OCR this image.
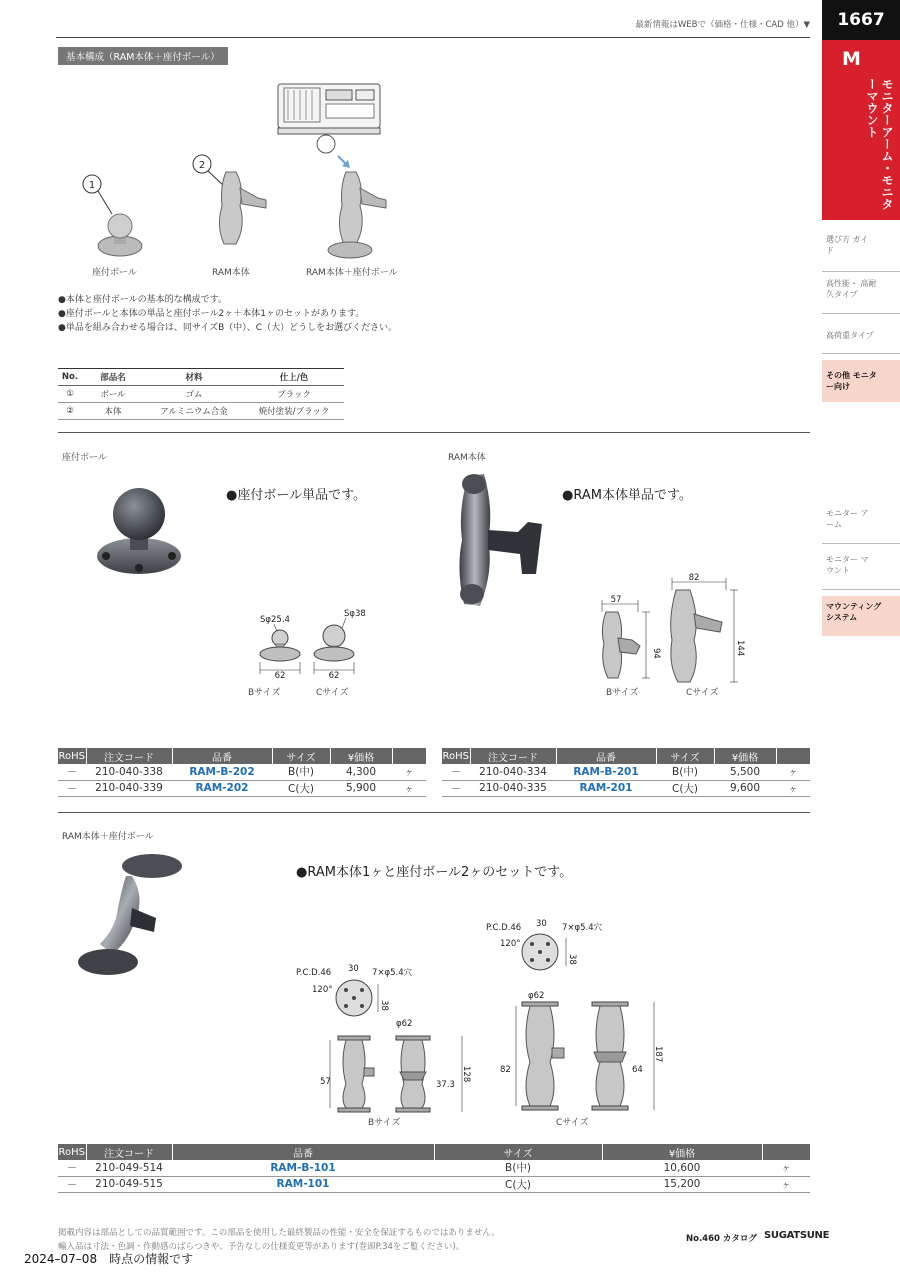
最新情報はWEBで（価格・仕様・CAD 他）▼	1667
M
モニターアーム・モニターマウント
選び方 ガイド
高性能・ 高耐久タイプ
高荷重タイプ
その他 モニター向け
モニター アーム
モニター マウント
マウンティング システム
基本構成（RAM本体＋座付ボール）
1
2
座付ボール	RAM本体	RAM本体＋座付ボール
●本体と座付ボールの基本的な構成です。
●座付ボールと本体の単品と座付ボール2ヶ＋本体1ヶのセットがあります。
●単品を組み合わせる場合は、同サイズB（中）、C（大）どうしをお選びください。
No.	部品名	材料	仕上/色
①	ボール	ゴム	ブラック
②	本体	アルミニウム合金	焼付塗装/ブラック
座付ボール
●座付ボール単品です。
Sφ25.4
62
Sφ38
62
Bサイズ	Cサイズ
RAM本体
●RAM本体単品です。
57
94
82
144
Bサイズ	Cサイズ
RoHS	注文コード	品番	サイズ	¥価格	
－	210-040-338	RAM-B-202	B(中)	4,300	ヶ
－	210-040-339	RAM-202	C(大)	5,900	ヶ
RoHS	注文コード	品番	サイズ	¥価格	
－	210-040-334	RAM-B-201	B(中)	5,500	ヶ
－	210-040-335	RAM-201	C(大)	9,600	ヶ
RAM本体＋座付ボール
●RAM本体1ヶと座付ボール2ヶのセットです。
P.C.D.46 30 7×φ5.4穴
120°
38
57
φ62
37.3
128
P.C.D.46 30 7×φ5.4穴
120°
38
φ62
82	64
187
Bサイズ	Cサイズ
RoHS	注文コード	品番	サイズ	¥価格	
－	210-049-514	RAM-B-101	B(中)	10,600	ヶ
－	210-049-515	RAM-101	C(大)	15,200	ヶ
掲載内容は部品としての品質範囲です。この部品を使用した最終製品の性能・安全を保証するものではありません。
輸入品は寸法・色調・作動感のばらつきや、予告なしの仕様変更等があります(巻頭P.34をご覧ください)。
No.460 カタログ SUGATSUNE
2024–07–08　時点の情報です
